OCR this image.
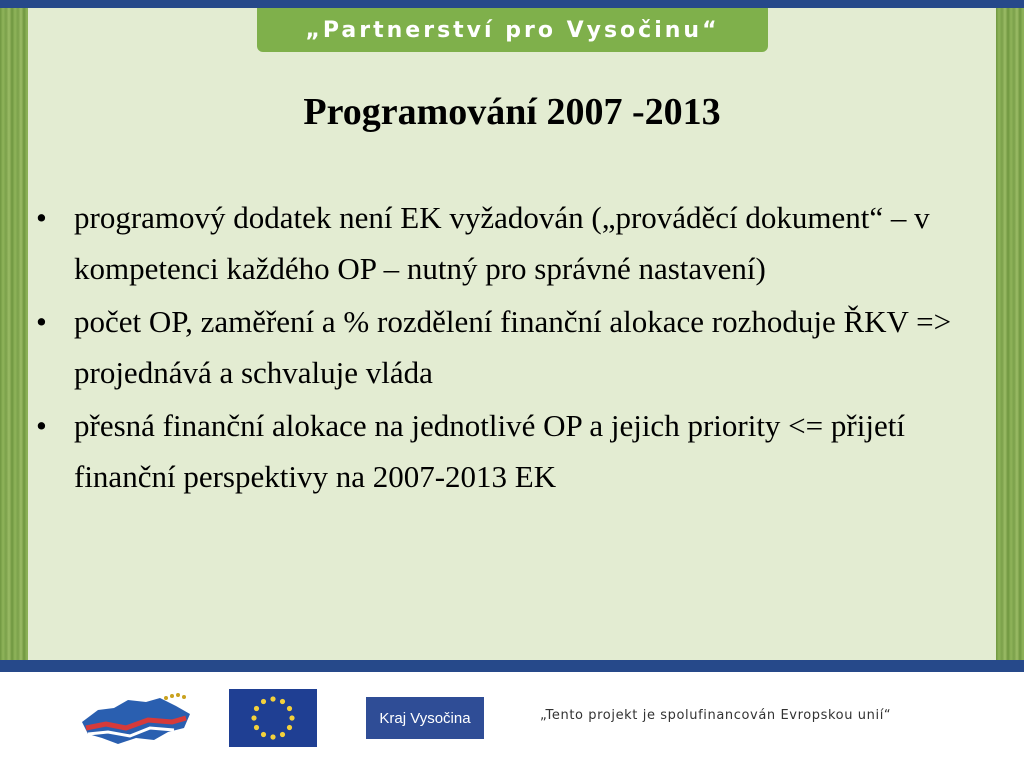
„Partnerství pro Vysočinu“
Programování 2007 -2013
• programový dodatek není EK vyžadován („prováděcí dokument“ – v kompetenci každého OP – nutný pro správné nastavení)
• počet OP, zaměření a % rozdělení finanční alokace rozhoduje ŘKV => projednává a schvaluje vláda
• přesná finanční alokace na jednotlivé OP a jejich priority <= přijetí finanční perspektivy na 2007-2013 EK
Kraj Vysočina	„Tento projekt je spolufinancován Evropskou unií“
